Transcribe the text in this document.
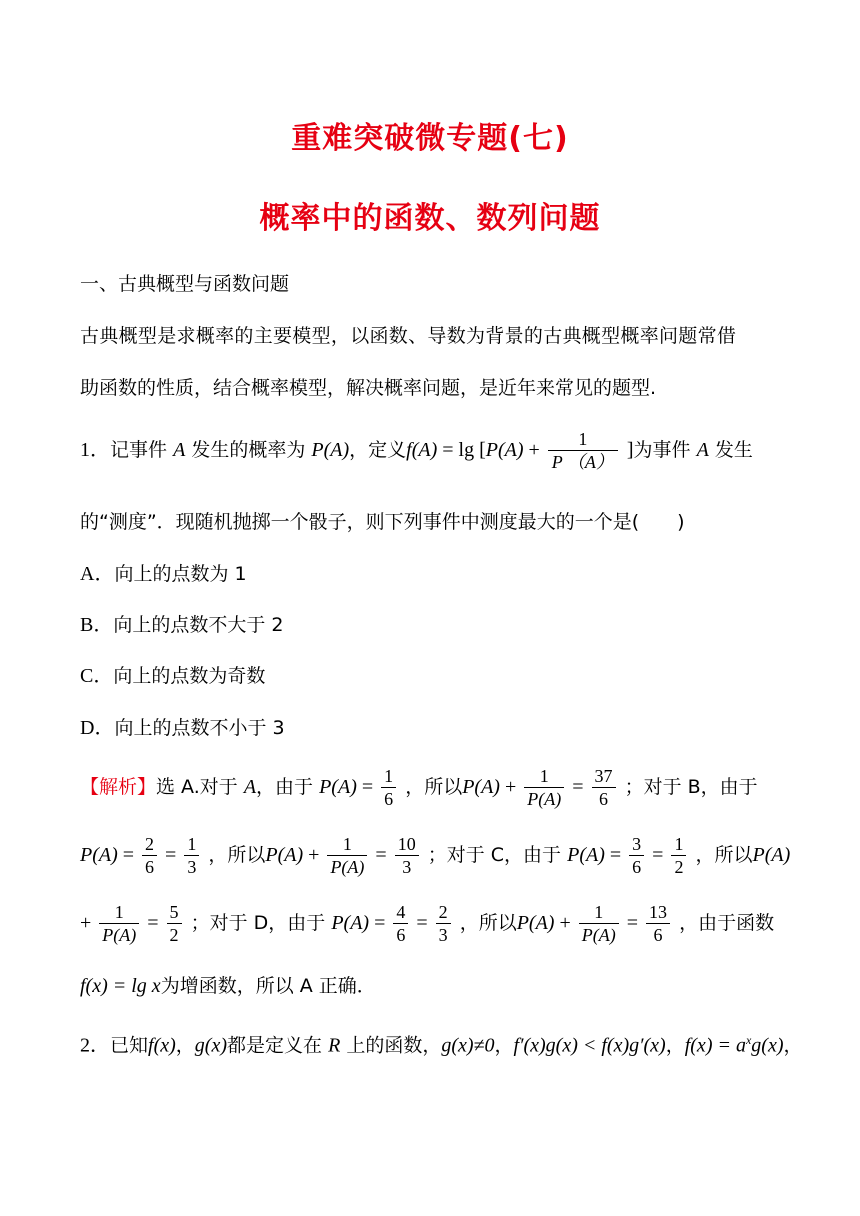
重难突破微专题(七)
概率中的函数、数列问题
一、古典概型与函数问题
古典概型是求概率的主要模型，以函数、导数为背景的古典概型概率问题常借
助函数的性质，结合概率模型，解决概率问题，是近年来常见的题型.
1．记事件 A 发生的概率为 P(A)，定义$f(A) = \lg [P(A) + \frac{1}{P (A)}$ ]为事件 A 发生
的“测度”．现随机抛掷一个骰子，则下列事件中测度最大的一个是(　　)
A．向上的点数为 1
B．向上的点数不大于 2
C．向上的点数为奇数
D．向上的点数不小于 3
【解析】选 A.对于 A，由于 $P(A) = \frac{1}{6}$ ，所以$P(A) + \frac{1}{P(A)} = \frac{37}{6}$ ；对于 B，由于
$P(A) = \frac{2}{6} = \frac{1}{3}$ ，所以$P(A) + \frac{1}{P(A)} = \frac{10}{3}$ ；对于 C，由于 $P(A) = \frac{3}{6} = \frac{1}{2}$ ，所以P(A)
+ $\frac{1}{P(A)} = \frac{5}{2}$ ；对于 D，由于 $P(A) = \frac{4}{6} = \frac{2}{3}$ ，所以$P(A) + \frac{1}{P(A)} = \frac{13}{6}$ ，由于函数
f(x) = lg x为增函数，所以 A 正确．
2．已知f(x)，g(x)都是定义在 R 上的函数，g(x)≠0，f′(x)g(x) < f(x)g′(x)，$f(x) = a^xg(x)$，
